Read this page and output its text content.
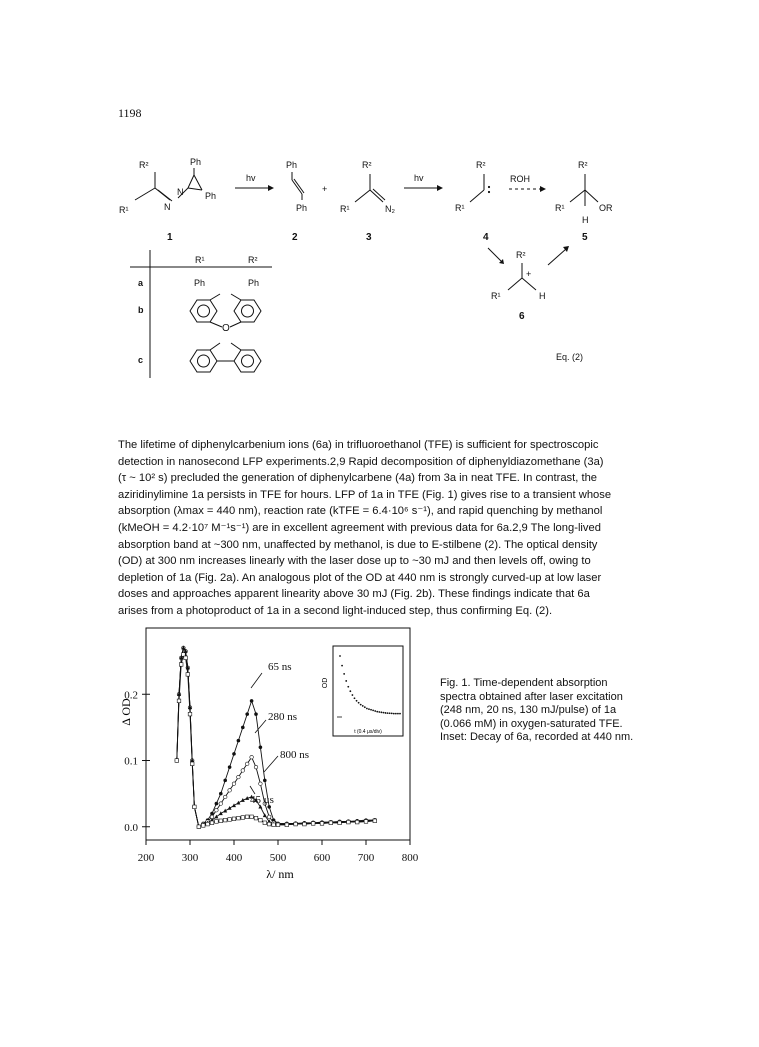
1198
R²	Ph
R¹	N
N Ph
1
hv
Ph
Ph
+
2
R²
R¹	N₂
3
hv
R²
R¹
4
ROH
R²
R¹	OR
H
5
R²
+
R¹	H
6
R¹	R²
a	Ph	Ph
b
c
O
Eq. (2)

The lifetime of diphenylcarbenium ions (6a) in trifluoroethanol (TFE) is sufficient for spectroscopic

detection in nanosecond LFP experiments.2,9 Rapid decomposition of diphenyldiazomethane (3a)

(τ ~ 10² s) precluded the generation of diphenylcarbene (4a) from 3a in neat TFE. In contrast, the

aziridinylimine 1a persists in TFE for hours. LFP of 1a in TFE (Fig. 1) gives rise to a transient whose

absorption (λmax = 440 nm), reaction rate (kTFE = 6.4·10⁶ s⁻¹), and rapid quenching by methanol

(kMeOH = 4.2·10⁷ M⁻¹s⁻¹) are in excellent agreement with previous data for 6a.2,9 The long-lived

absorption band at ~300 nm, unaffected by methanol, is due to E-stilbene (2). The optical density

(OD) at 300 nm increases linearly with the laser dose up to ~30 mJ and then levels off, owing to

depletion of 1a (Fig. 2a). An analogous plot of the OD at 440 nm is strongly curved-up at low laser

doses and approaches apparent linearity above 30 mJ (Fig. 2b). These findings indicate that 6a

arises from a photoproduct of 1a in a second light-induced step, thus confirming Eq. (2).

65 ns
280 ns
800 ns
45 μs
200	300	400	500	600	700	800
0.0
0.1
0.2
OD
t (0.4 μs/div)
λ/ nm
Δ OD
Fig. 1. Time-dependent absorption
spectra obtained after laser excitation
(248 nm, 20 ns, 130 mJ/pulse) of 1a
(0.066 mM) in oxygen-saturated TFE.
Inset: Decay of 6a, recorded at 440 nm.
